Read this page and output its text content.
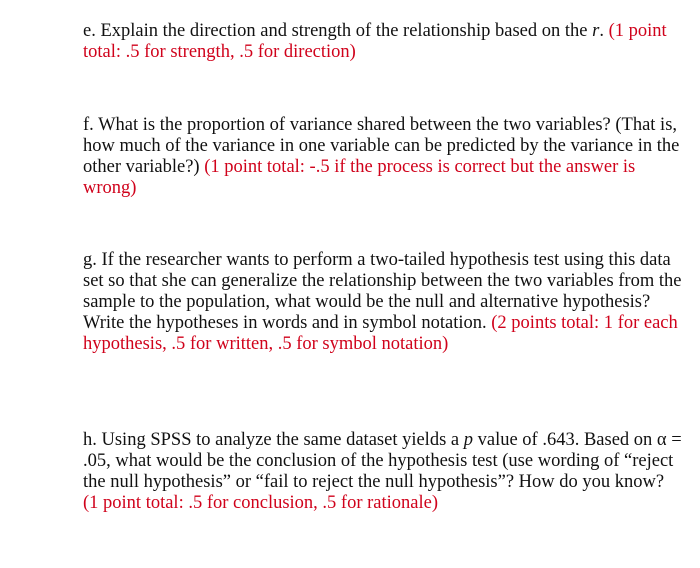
e. Explain the direction and strength of the relationship based on the r. (1 point total: .5 for strength, .5 for direction)

f. What is the proportion of variance shared between the two variables? (That is, how much of the variance in one variable can be predicted by the variance in the other variable?) (1 point total: -.5 if the process is correct but the answer is wrong)

g. If the researcher wants to perform a two-tailed hypothesis test using this data set so that she can generalize the relationship between the two variables from the sample to the population, what would be the null and alternative hypothesis? Write the hypotheses in words and in symbol notation. (2 points total: 1 for each hypothesis, .5 for written, .5 for symbol notation)

h. Using SPSS to analyze the same dataset yields a p value of .643. Based on α = .05, what would be the conclusion of the hypothesis test (use wording of “reject the null hypothesis” or “fail to reject the null hypothesis”? How do you know? (1 point total: .5 for conclusion, .5 for rationale)
